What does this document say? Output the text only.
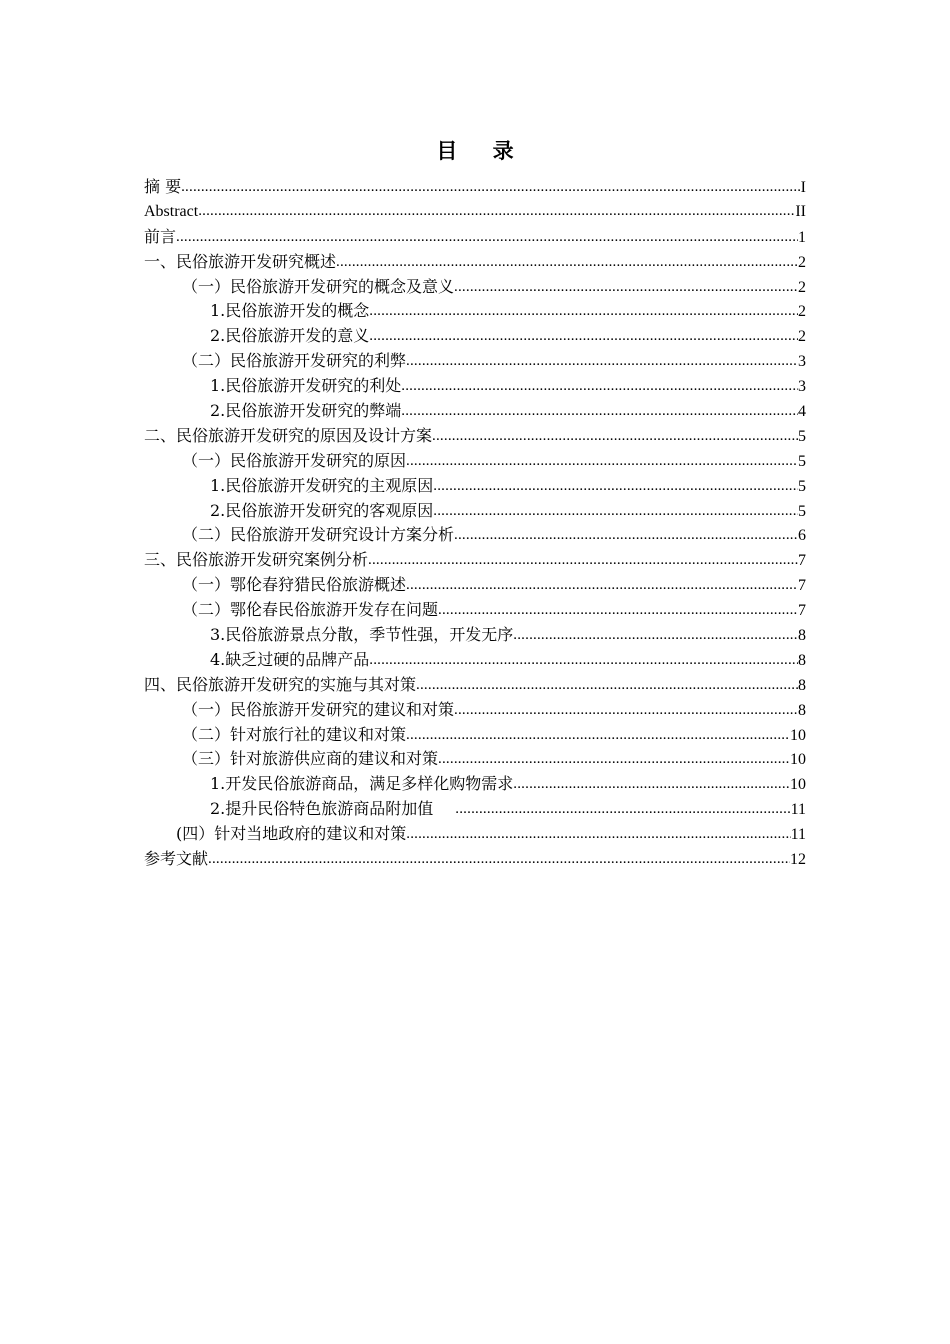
目 录
摘 要 .....	I
Abstract .....	II
前言 .....	1
一、民俗旅游开发研究概述 .....	2
（一）民俗旅游开发研究的概念及意义 .....	2
1.民俗旅游开发的概念 .....	2
2.民俗旅游开发的意义 .....	2
（二）民俗旅游开发研究的利弊 .....	3
1.民俗旅游开发研究的利处 .....	3
2.民俗旅游开发研究的弊端 .....	4
二、民俗旅游开发研究的原因及设计方案 .....	5
（一）民俗旅游开发研究的原因 .....	5
1.民俗旅游开发研究的主观原因 .....	5
2.民俗旅游开发研究的客观原因 .....	5
（二）民俗旅游开发研究设计方案分析 .....	6
三、民俗旅游开发研究案例分析 .....	7
（一）鄂伦春狩猎民俗旅游概述 .....	7
（二）鄂伦春民俗旅游开发存在问题 .....	7
3.民俗旅游景点分散，季节性强，开发无序 .....	8
4.缺乏过硬的品牌产品 .....	8
四、民俗旅游开发研究的实施与其对策 .....	8
（一）民俗旅游开发研究的建议和对策 .....	8
（二）针对旅行社的建议和对策 .....	10
（三）针对旅游供应商的建议和对策 .....	10
1.开发民俗旅游商品，满足多样化购物需求 .....	10
2.提升民俗特色旅游商品附加值 .....	11
(四）针对当地政府的建议和对策 .....	11
参考文献 .....	12
